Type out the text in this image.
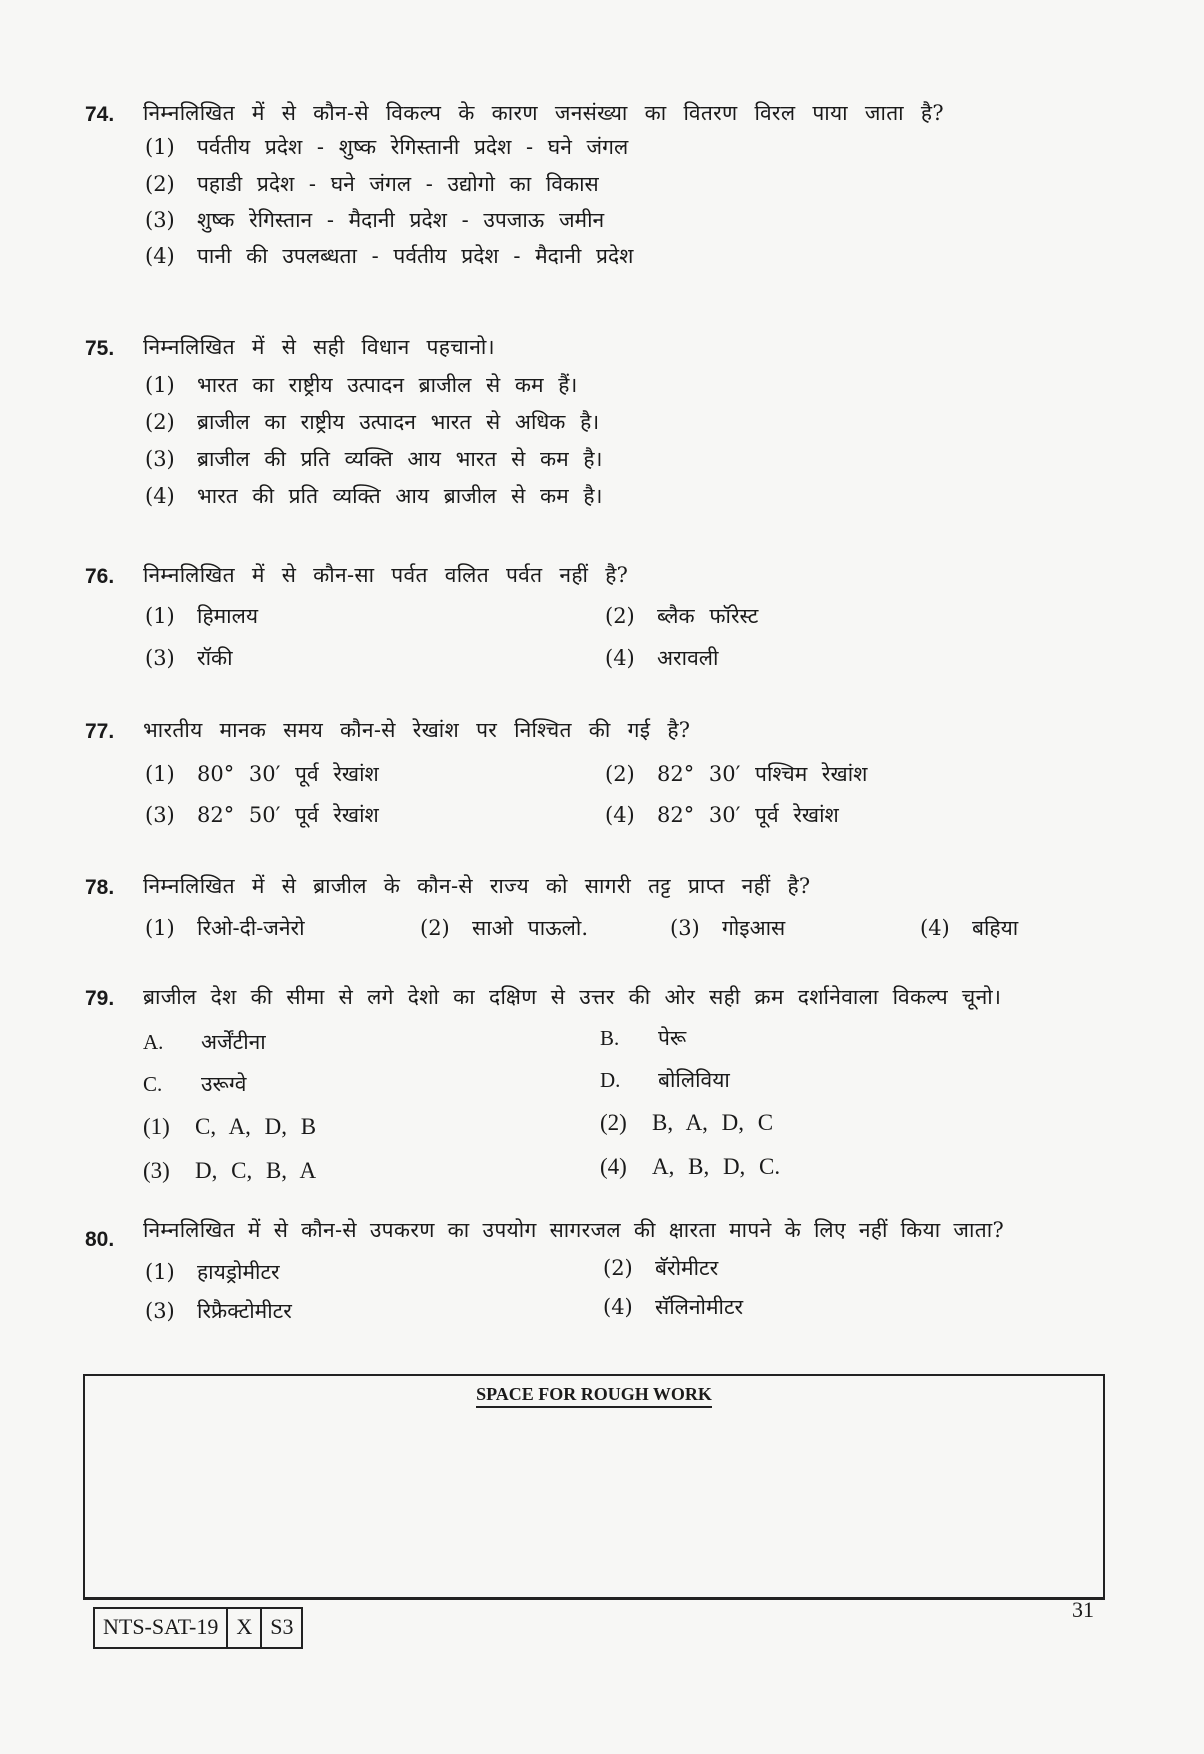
74. निम्नलिखित में से कौन-से विकल्प के कारण जनसंख्या का वितरण विरल पाया जाता है?
(1) पर्वतीय प्रदेश - शुष्क रेगिस्तानी प्रदेश - घने जंगल
(2) पहाडी प्रदेश - घने जंगल - उद्योगो का विकास
(3) शुष्क रेगिस्तान - मैदानी प्रदेश - उपजाऊ जमीन
(4) पानी की उपलब्धता - पर्वतीय प्रदेश - मैदानी प्रदेश
75. निम्नलिखित में से सही विधान पहचानो।
(1) भारत का राष्ट्रीय उत्पादन ब्राजील से कम हैं।
(2) ब्राजील का राष्ट्रीय उत्पादन भारत से अधिक है।
(3) ब्राजील की प्रति व्यक्ति आय भारत से कम है।
(4) भारत की प्रति व्यक्ति आय ब्राजील से कम है।
76. निम्नलिखित में से कौन-सा पर्वत वलित पर्वत नहीं है?
(1) हिमालय	(2) ब्लैक फॉरेस्ट
(3) रॉकी	(4) अरावली
77. भारतीय मानक समय कौन-से रेखांश पर निश्चित की गई है?
(1) 80° 30′ पूर्व रेखांश	(2) 82° 30′ पश्चिम रेखांश
(3) 82° 50′ पूर्व रेखांश	(4) 82° 30′ पूर्व रेखांश
78. निम्नलिखित में से ब्राजील के कौन-से राज्य को सागरी तट्ट प्राप्त नहीं है?
(1) रिओ-दी-जनेरो	(2) साओ पाऊलो.	(3) गोइआस	(4) बहिया
79. ब्राजील देश की सीमा से लगे देशो का दक्षिण से उत्तर की ओर सही क्रम दर्शानेवाला विकल्प चूनो।
A. अर्जेंटीना	B. पेरू
C. उरूग्वे	D. बोलिविया
(1) C, A, D, B	(2) B, A, D, C
(3) D, C, B, A	(4) A, B, D, C.
80. निम्नलिखित में से कौन-से उपकरण का उपयोग सागरजल की क्षारता मापने के लिए नहीं किया जाता?
(1) हायड्रोमीटर	(2) बॅरोमीटर
(3) रिफ्रैक्टोमीटर	(4) सॅलिनोमीटर
SPACE FOR ROUGH WORK
NTS-SAT-19 X S3
31
